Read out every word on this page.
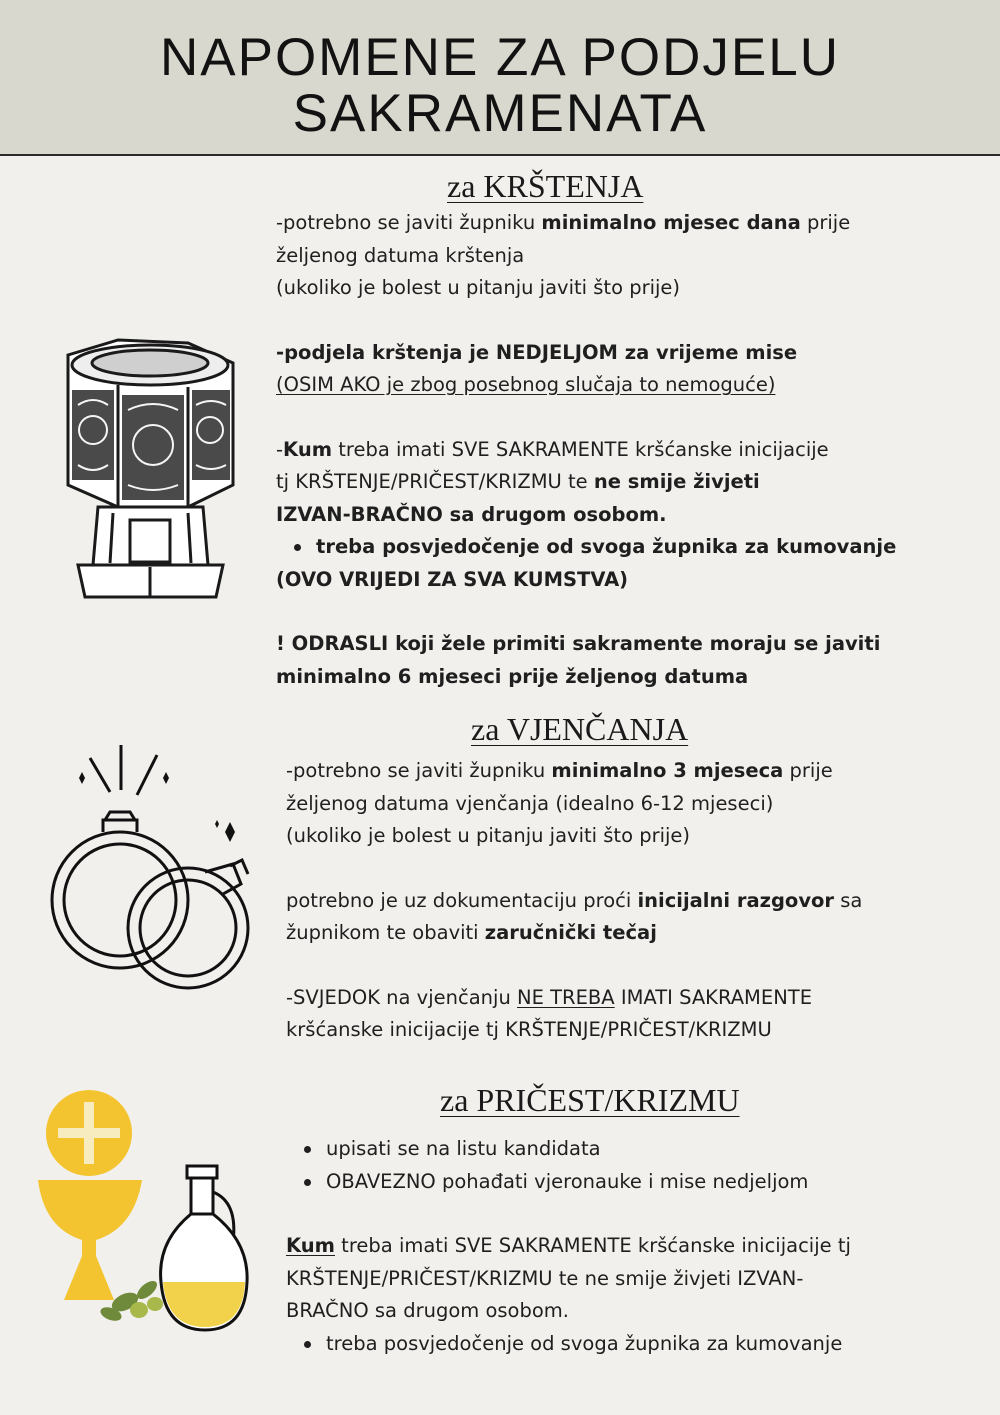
NAPOMENE ZA PODJELU
SAKRAMENATA
za KRŠTENJA

-potrebno se javiti župniku minimalno mjesec dana prije

željenog datuma krštenja

(ukoliko je bolest u pitanju javiti što prije)

-podjela krštenja je NEDJELJOM za vrijeme mise

(OSIM AKO je zbog posebnog slučaja to nemoguće)

-Kum treba imati SVE SAKRAMENTE kršćanske inicijacije

tj KRŠTENJE/PRIČEST/KRIZMU te ne smije živjeti

IZVAN-BRAČNO sa drugom osobom.

treba posvjedočenje od svoga župnika za kumovanje

(OVO VRIJEDI ZA SVA KUMSTVA)

! ODRASLI koji žele primiti sakramente moraju se javiti

minimalno 6 mjeseci prije željenog datuma

za VJENČANJA

-potrebno se javiti župniku minimalno 3 mjeseca prije

željenog datuma vjenčanja (idealno 6-12 mjeseci)

(ukoliko je bolest u pitanju javiti što prije)

potrebno je uz dokumentaciju proći inicijalni razgovor sa

župnikom te obaviti zaručnički tečaj

-SVJEDOK na vjenčanju NE TREBA IMATI SAKRAMENTE

kršćanske inicijacije tj KRŠTENJE/PRIČEST/KRIZMU

za PRIČEST/KRIZMU
upisati se na listu kandidata
OBAVEZNO pohađati vjeronauke i mise nedjeljom

Kum treba imati SVE SAKRAMENTE kršćanske inicijacije tj

KRŠTENJE/PRIČEST/KRIZMU te ne smije živjeti IZVAN-

BRAČNO sa drugom osobom.

treba posvjedočenje od svoga župnika za kumovanje
